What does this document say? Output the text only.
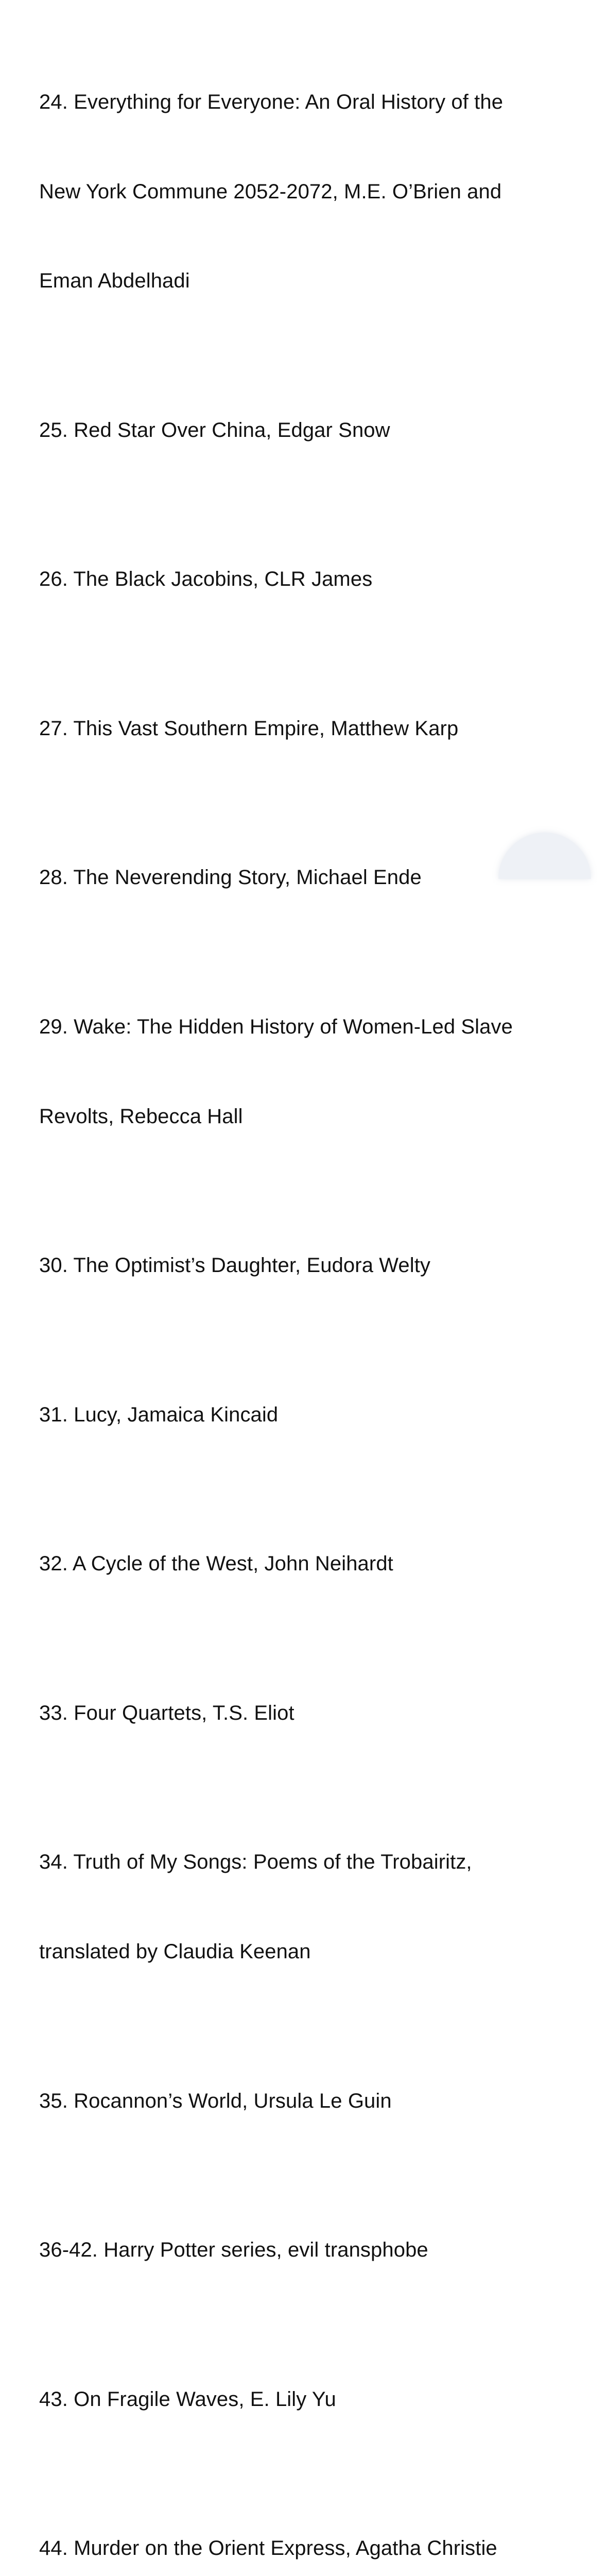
24. Everything for Everyone: An Oral History of the

New York Commune 2052-2072, M.E. O’Brien and

Eman Abdelhadi

25. Red Star Over China, Edgar Snow

26. The Black Jacobins, CLR James

27. This Vast Southern Empire, Matthew Karp

28. The Neverending Story, Michael Ende

29. Wake: The Hidden History of Women-Led Slave

Revolts, Rebecca Hall

30. The Optimist’s Daughter, Eudora Welty

31. Lucy, Jamaica Kincaid

32. A Cycle of the West, John Neihardt

33. Four Quartets, T.S. Eliot

34. Truth of My Songs: Poems of the Trobairitz,

translated by Claudia Keenan

35. Rocannon’s World, Ursula Le Guin

36-42. Harry Potter series, evil transphobe

43. On Fragile Waves, E. Lily Yu

44. Murder on the Orient Express, Agatha Christie
